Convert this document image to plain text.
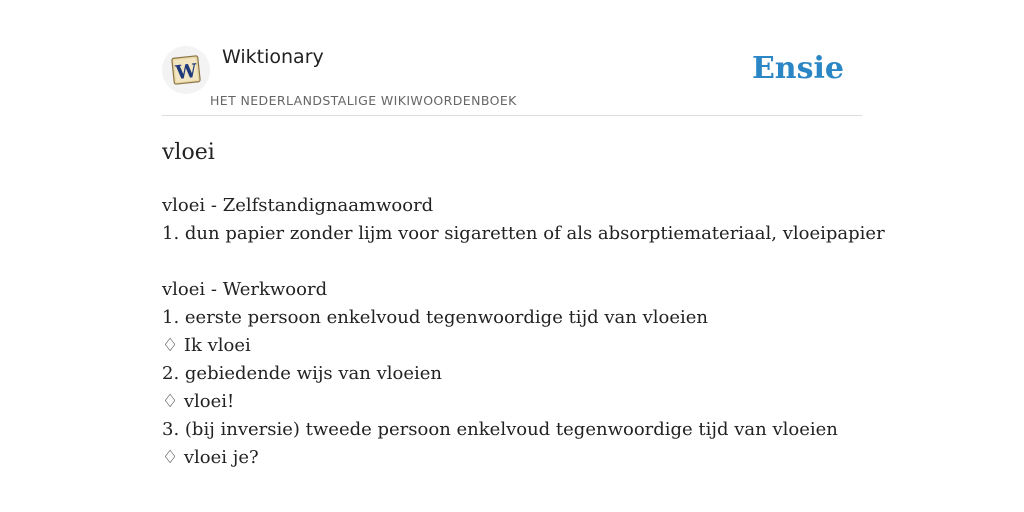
W
Wiktionary
HET NEDERLANDSTALIGE WIKIWOORDENBOEK
Ensie
vloei
vloei - Zelfstandignaamwoord
1. dun papier zonder lijm voor sigaretten of als absorptiemateriaal, vloeipapier
vloei - Werkwoord
1. eerste persoon enkelvoud tegenwoordige tijd van vloeien
♢ Ik vloei
2. gebiedende wijs van vloeien
♢ vloei!
3. (bij inversie) tweede persoon enkelvoud tegenwoordige tijd van vloeien
♢ vloei je?
